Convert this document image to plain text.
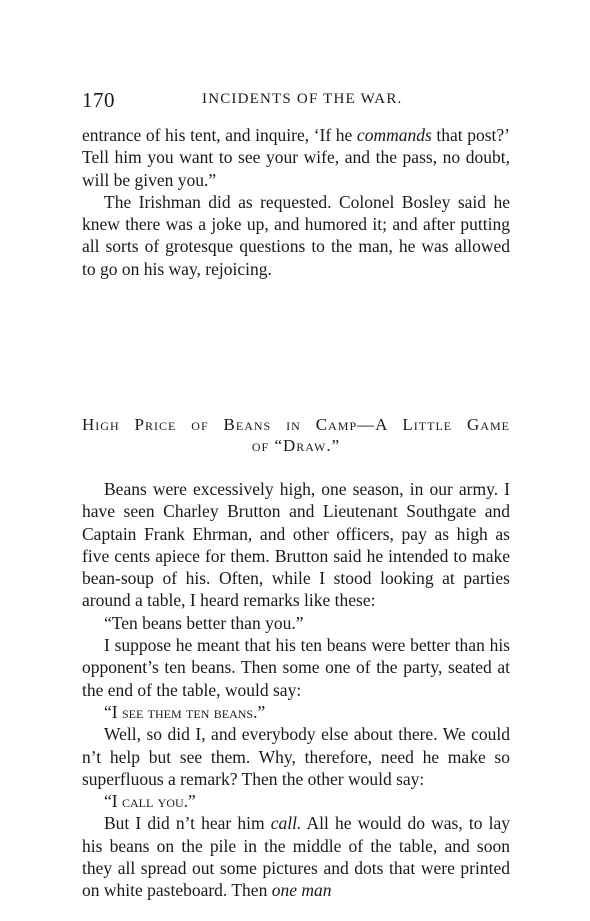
170	INCIDENTS OF THE WAR.

entrance of his tent, and inquire, ‘If he commands that post?’ Tell him you want to see your wife, and the pass, no doubt, will be given you.”

The Irishman did as requested. Colonel Bosley said he knew there was a joke up, and humored it; and after putting all sorts of grotesque questions to the man, he was allowed to go on his way, rejoicing.

High Price of Beans in Camp—A Little Game
of “Draw.”

Beans were excessively high, one season, in our army. I have seen Charley Brutton and Lieutenant Southgate and Captain Frank Ehrman, and other officers, pay as high as five cents apiece for them. Brutton said he intended to make bean-soup of his. Often, while I stood looking at parties around a table, I heard remarks like these:

“Ten beans better than you.”

I suppose he meant that his ten beans were better than his opponent’s ten beans. Then some one of the party, seated at the end of the table, would say:

“I see them ten beans.”

Well, so did I, and everybody else about there. We could n’t help but see them. Why, therefore, need he make so superfluous a remark? Then the other would say:

“I call you.”

But I did n’t hear him call. All he would do was, to lay his beans on the pile in the middle of the table, and soon they all spread out some pictures and dots that were printed on white pasteboard. Then one man
